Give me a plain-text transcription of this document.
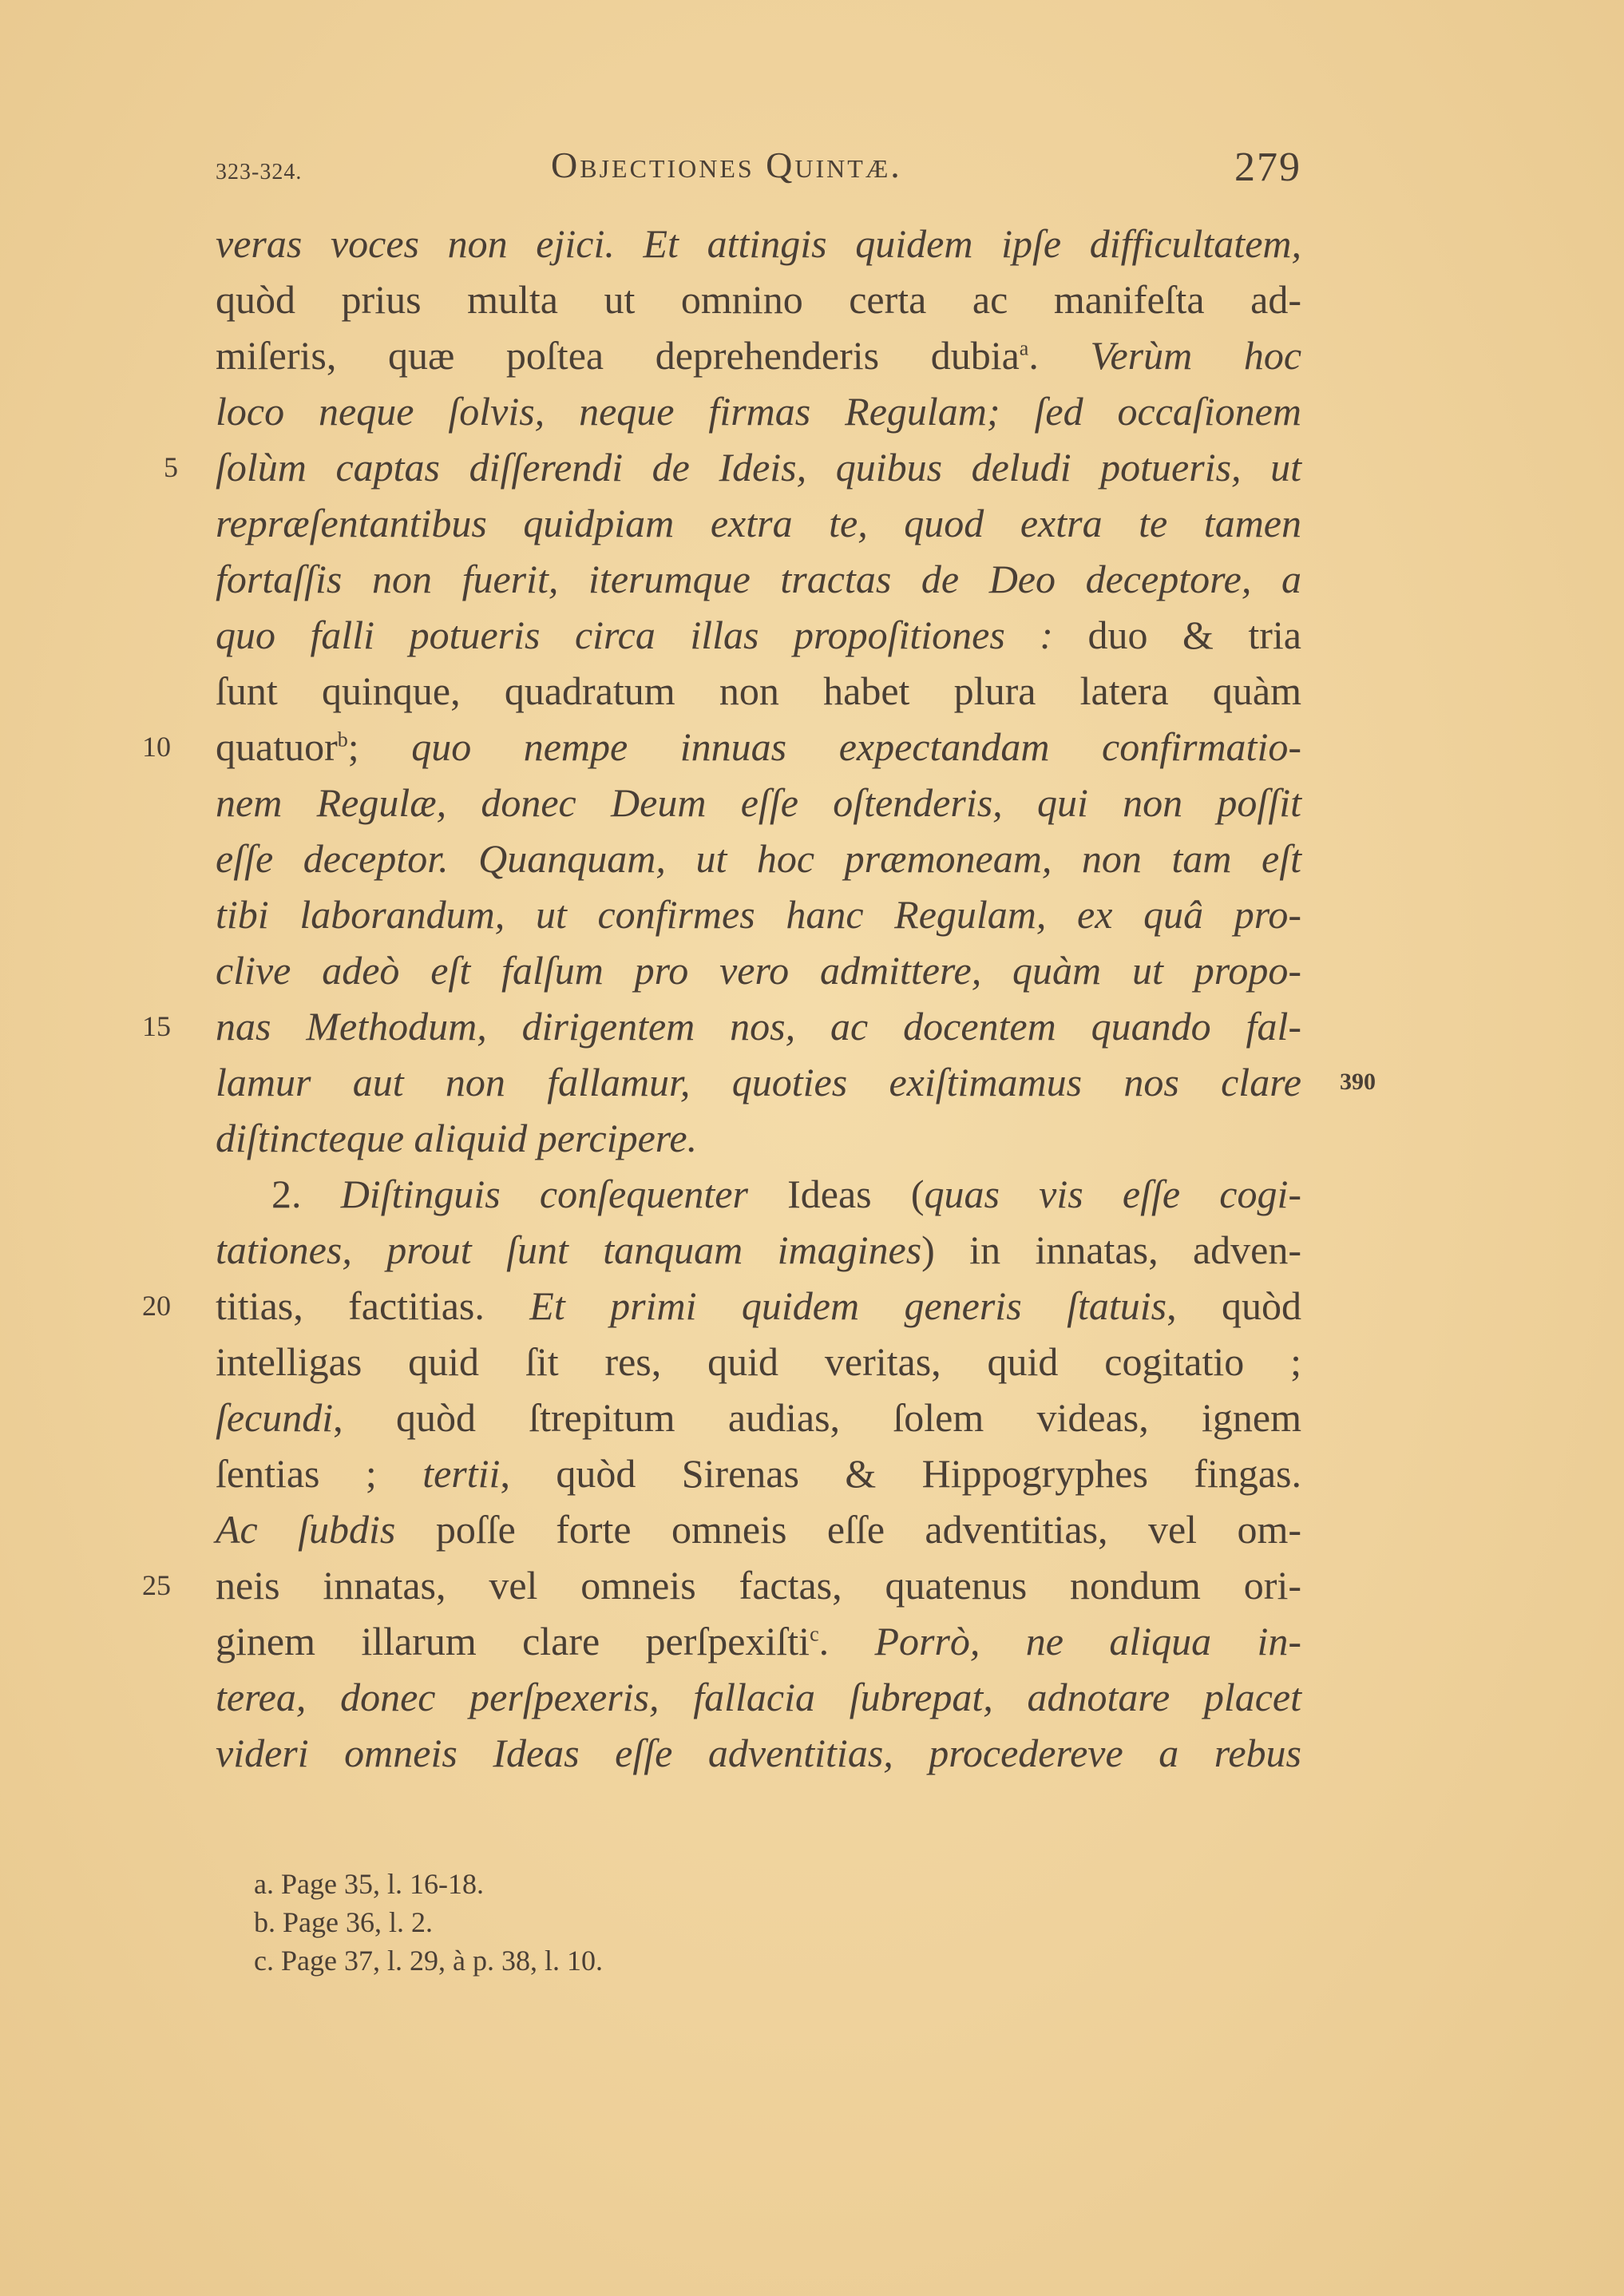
323-324.	Objectiones Quintæ.	279
veras voces non ejici. Et attingis quidem ipſe difficultatem,
quòd prius multa ut omnino certa ac manifeſta ad-
miſeris, quæ poſtea deprehenderis dubia$^a$. Verùm hoc
loco neque ſolvis, neque firmas Regulam; ſed occaſionem
ſolùm captas diſſerendi de Ideis, quibus deludi potueris, ut
repræſentantibus quidpiam extra te, quod extra te tamen
fortaſſis non fuerit, iterumque tractas de Deo deceptore, a
quo falli potueris circa illas propoſitiones : duo & tria
ſunt quinque, quadratum non habet plura latera quàm
quatuor$^b$; quo nempe innuas expectandam confirmatio-
nem Regulæ, donec Deum eſſe oſtenderis, qui non poſſit
eſſe deceptor. Quanquam, ut hoc præmoneam, non tam eſt
tibi laborandum, ut confirmes hanc Regulam, ex quâ pro-
clive adeò eſt falſum pro vero admittere, quàm ut propo-
nas Methodum, dirigentem nos, ac docentem quando fal-
lamur aut non fallamur, quoties exiſtimamus nos clare
diſtincteque aliquid percipere.
2. Diſtinguis conſequenter Ideas (quas vis eſſe cogi-
tationes, prout ſunt tanquam imagines) in innatas, adven-
titias, factitias. Et primi quidem generis ſtatuis, quòd
intelligas quid ſit res, quid veritas, quid cogitatio ;
ſecundi, quòd ſtrepitum audias, ſolem videas, ignem
ſentias ; tertii, quòd Sirenas & Hippogryphes fingas.
Ac ſubdis poſſe forte omneis eſſe adventitias, vel om-
neis innatas, vel omneis factas, quatenus nondum ori-
ginem illarum clare perſpexiſti$^c$. Porrò, ne aliqua in-
terea, donec perſpexeris, fallacia ſubrepat, adnotare placet
videri omneis Ideas eſſe adventitias, procedereve a rebus
5
10
15
20
25
390
a. Page 35, l. 16-18.
b. Page 36, l. 2.
c. Page 37, l. 29, à p. 38, l. 10.
